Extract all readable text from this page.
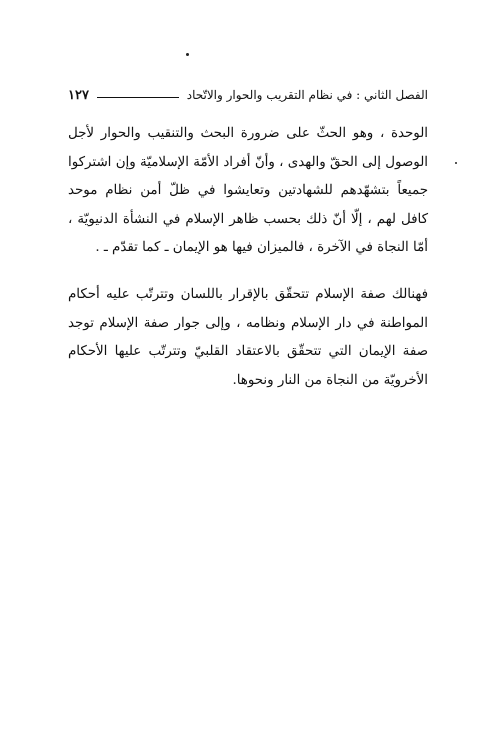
الفصل الثاني : في نظام التقريب والحوار والاتّحاد
١٢٧

الوحدة ، وهو الحثّ على ضرورة البحث والتنقيب والحوار لأجل الوصول إلى الحقّ والهدى ، وأنّ أفراد الأمّة الإسلاميّة وإن اشتركوا جميعاً بتشهّدهم للشهادتين وتعايشوا في ظلّ أمن نظام موحد كافل لهم ، إلّا أنّ ذلك بحسب ظاهر الإسلام في النشأة الدنيويّة ، أمّا النجاة في الآخرة ، فالميزان فيها هو الإيمان ـ كما تقدّم ـ .

فهنالك صفة الإسلام تتحقّق بالإقرار باللسان وتترتّب عليه أحكام المواطنة في دار الإسلام ونظامه ، وإلى جوار صفة الإسلام توجد صفة الإيمان التي تتحقّق بالاعتقاد القلبيّ وتترتّب عليها الأحكام الأخرويّة من النجاة من النار ونحوها.
